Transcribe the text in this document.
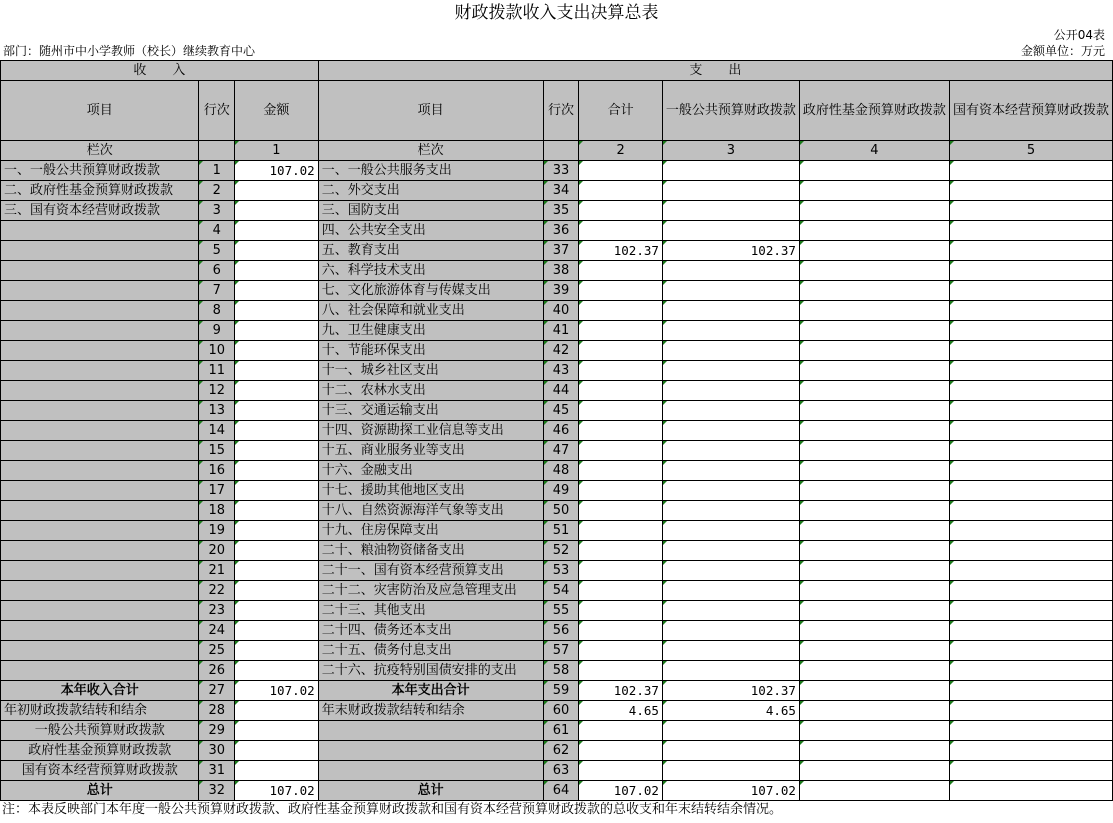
财政拨款收入支出决算总表
公开04表
部门：随州市中小学教师（校长）继续教育中心	金额单位：万元
收　　入			支　　出					
项目	行次	金额	项目	行次	合计	一般公共预算财政拨款	政府性基金预算财政拨款	国有资本经营预算财政拨款
栏次		1	栏次		2	3	4	5
一、一般公共预算财政拨款	1	107.02	一、一般公共服务支出	33				
二、政府性基金预算财政拨款	2		二、外交支出	34				
三、国有资本经营财政拨款	3		三、国防支出	35				
	4		四、公共安全支出	36				
	5		五、教育支出	37	102.37	102.37		
	6		六、科学技术支出	38				
	7		七、文化旅游体育与传媒支出	39				
	8		八、社会保障和就业支出	40				
	9		九、卫生健康支出	41				
	10		十、节能环保支出	42				
	11		十一、城乡社区支出	43				
	12		十二、农林水支出	44				
	13		十三、交通运输支出	45				
	14		十四、资源勘探工业信息等支出	46				
	15		十五、商业服务业等支出	47				
	16		十六、金融支出	48				
	17		十七、援助其他地区支出	49				
	18		十八、自然资源海洋气象等支出	50				
	19		十九、住房保障支出	51				
	20		二十、粮油物资储备支出	52				
	21		二十一、国有资本经营预算支出	53				
	22		二十二、灾害防治及应急管理支出	54				
	23		二十三、其他支出	55				
	24		二十四、债务还本支出	56				
	25		二十五、债务付息支出	57				
	26		二十六、抗疫特别国债安排的支出	58				
本年收入合计	27	107.02	本年支出合计	59	102.37	102.37		
年初财政拨款结转和结余	28		年末财政拨款结转和结余	60	4.65	4.65		
一般公共预算财政拨款	29			61				
政府性基金预算财政拨款	30			62				
国有资本经营预算财政拨款	31			63				
总计	32	107.02	总计	64	107.02	107.02		
注：本表反映部门本年度一般公共预算财政拨款、政府性基金预算财政拨款和国有资本经营预算财政拨款的总收支和年末结转结余情况。
